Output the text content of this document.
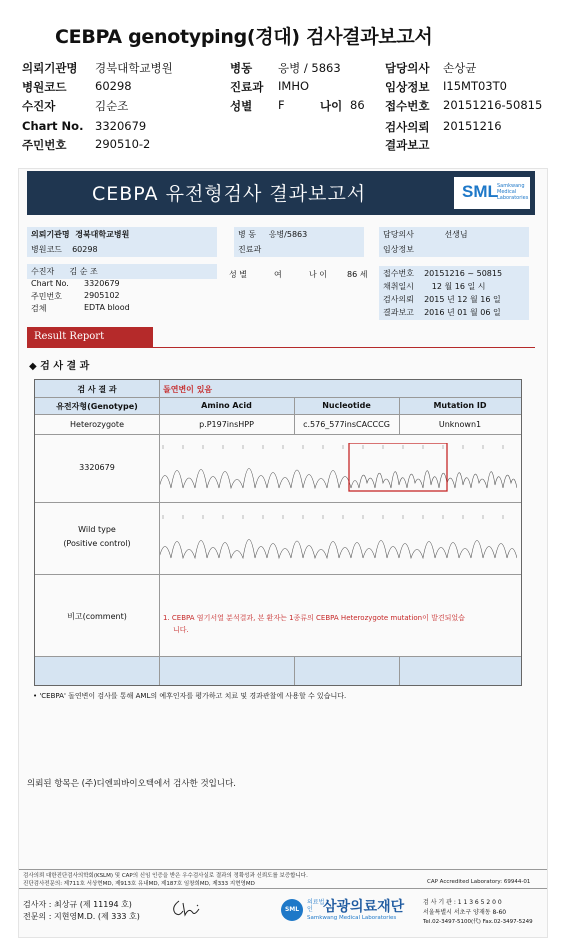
CEBPA genotyping(경대) 검사결과보고서
의뢰기관명 경북대학교병원	병동 응병 / 5863	담당의사 손상균
병원코드 60298	진료과 IMHO	임상정보 I15MT03T0
수진자	김순조	성별 F	나이 86 접수번호 20151216-50815
Chart No. 3320679	검사의뢰 20151216
주민번호 290510-2	결과보고
CEBPA 유전형검사 결과보고서	SML Samkwang Medical Laboratories
의뢰기관명 경북대학교병원
병원코드 60298
병 동 응병/5863
진료과
담당의사	선생님
임상정보
수진자 김 순 조
Chart No. 3320679
주민번호	2905102
검체	EDTA blood
성 별	여	나 이	86 세	접수번호 20151216 ~ 50815
채취일시 12 월 16 일 시
검사의뢰 2015 년 12 월 16 일
결과보고 2016 년 01 월 06 일
Result Report
◆ 검 사 결 과
검 사 결 과	돌연변이 있음
유전자형(Genotype)	Amino Acid	Nucleotide	Mutation ID
Heterozygote	p.P197insHPP	c.576_577insCACCCG	Unknown1
3320679
Wild type
(Positive control)
비고(comment)	1. CEBPA 염기서열 분석결과, 본 환자는 1종류의 CEBPA Heterozygote mutation이 발견되었습
니다.
• 'CEBPA' 돌연변이 검사를 통해 AML의 예후인자를 평가하고 치료 및 경과관찰에 사용할 수 있습니다.
의뢰된 항목은 (주)디엔피바이오텍에서 검사한 것입니다.
검사의뢰 대한진단검사의학회(KSLM) 및 CAP의 신임 인증을 받은 우수검사실로 결과의 정확성과 신뢰도를 보증합니다.
진단검사전문의: 제711호 서상현MD, 제913호 유내MD, 제187호 임창희MD, 제333 지현영MD	CAP Accredited Laboratory: 69944-01
검사자 : 최상규 (제 11194 호)
전문의 : 지현영M.D. (제 333 호)
SML
의료법인 삼광의료재단
Samkwang Medical Laboratories
검 사 기 관 : 1 1 3 6 5 2 0 0
서울특별시 서초구 양재동 8-60
Tel.02-3497-5100(代) Fax.02-3497-5249
